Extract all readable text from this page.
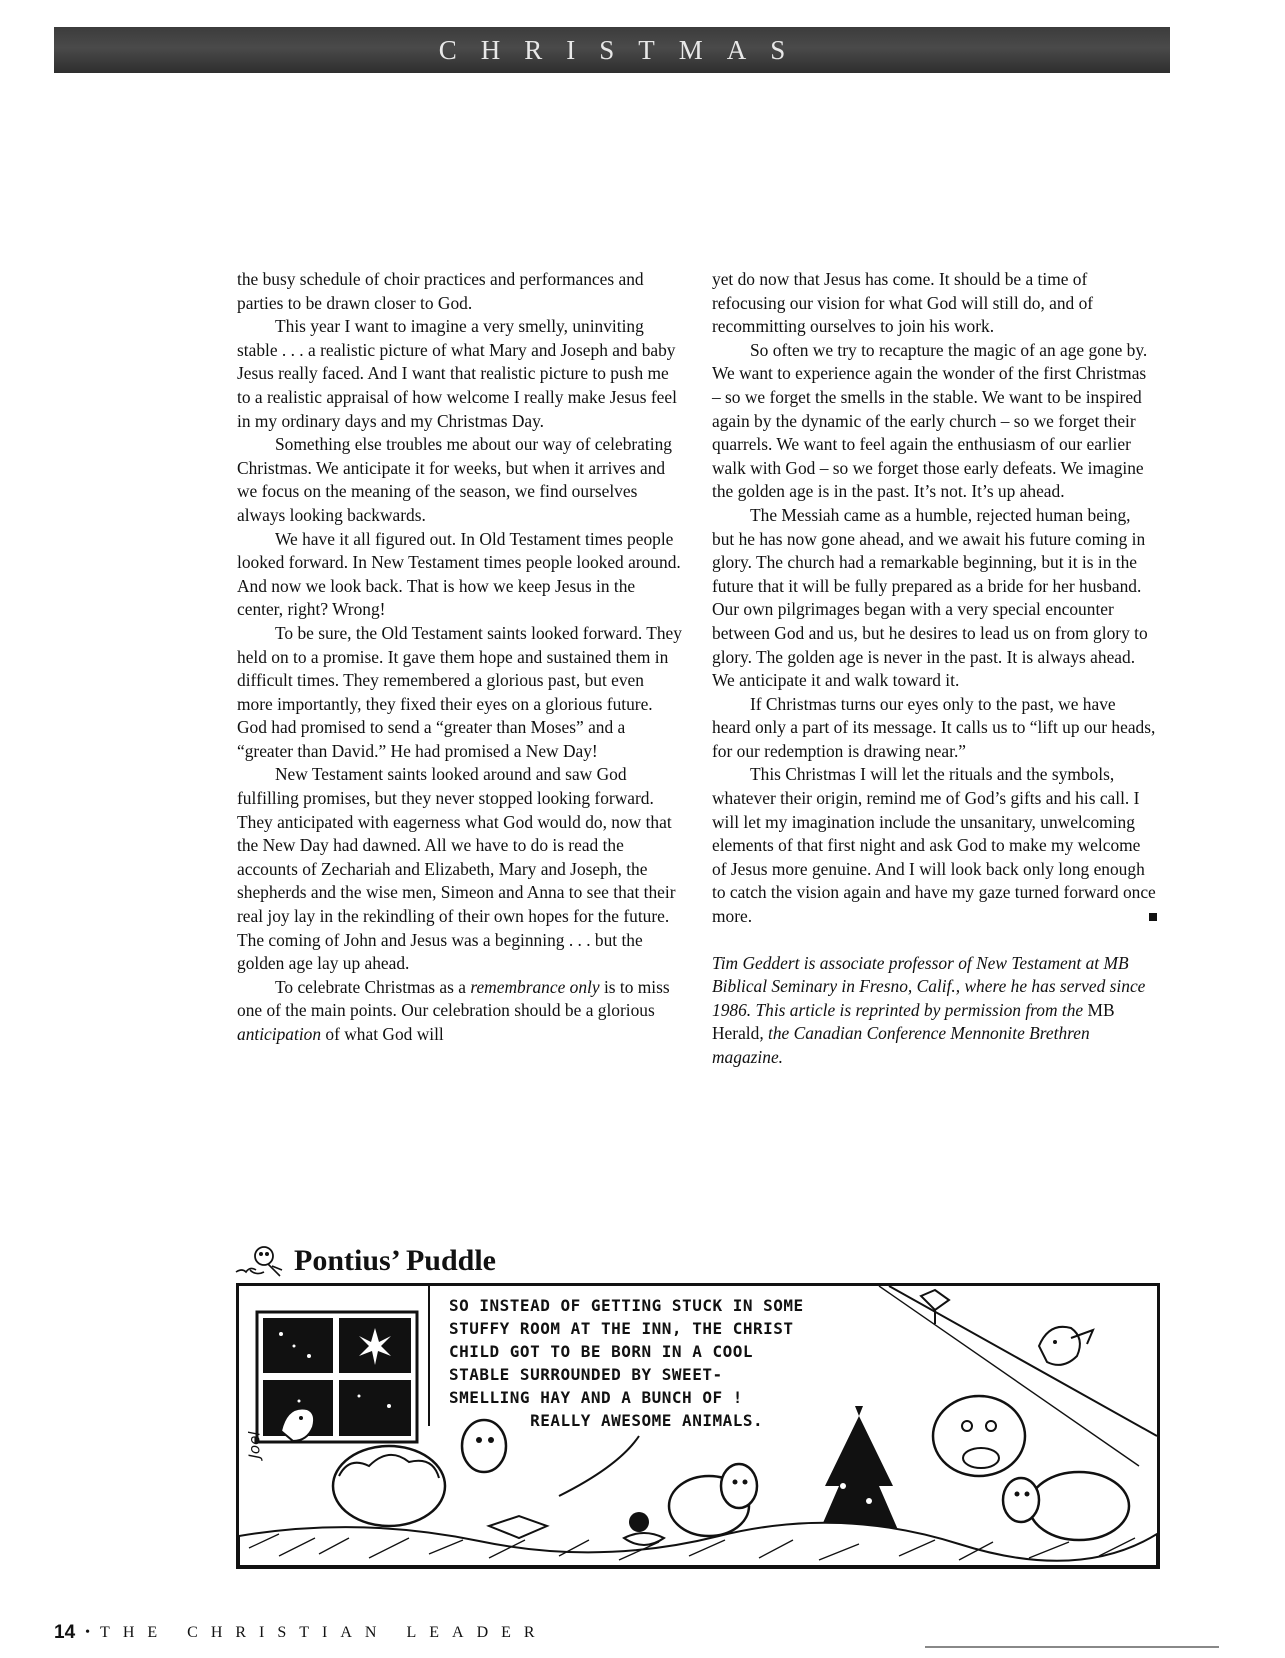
CHRISTMAS

the busy schedule of choir practices and performances and parties to be drawn closer to God.

This year I want to imagine a very smelly, uninviting stable . . . a realistic picture of what Mary and Joseph and baby Jesus really faced. And I want that realistic picture to push me to a realistic appraisal of how welcome I really make Jesus feel in my ordinary days and my Christmas Day.

Something else troubles me about our way of celebrating Christmas. We anticipate it for weeks, but when it arrives and we focus on the meaning of the season, we find ourselves always looking backwards.

We have it all figured out. In Old Testament times people looked forward. In New Testament times people looked around. And now we look back. That is how we keep Jesus in the center, right? Wrong!

To be sure, the Old Testament saints looked forward. They held on to a promise. It gave them hope and sustained them in difficult times. They remembered a glorious past, but even more importantly, they fixed their eyes on a glorious future. God had promised to send a “greater than Moses” and a “greater than David.” He had promised a New Day!

New Testament saints looked around and saw God fulfilling promises, but they never stopped looking forward. They anticipated with eagerness what God would do, now that the New Day had dawned. All we have to do is read the accounts of Zechariah and Elizabeth, Mary and Joseph, the shepherds and the wise men, Simeon and Anna to see that their real joy lay in the rekindling of their own hopes for the future. The coming of John and Jesus was a beginning . . . but the golden age lay up ahead.

To celebrate Christmas as a remembrance only is to miss one of the main points. Our celebration should be a glorious anticipation of what God will

yet do now that Jesus has come. It should be a time of refocusing our vision for what God will still do, and of recommitting ourselves to join his work.

So often we try to recapture the magic of an age gone by. We want to experience again the wonder of the first Christmas – so we forget the smells in the stable. We want to be inspired again by the dynamic of the early church – so we forget their quarrels. We want to feel again the enthusiasm of our earlier walk with God – so we forget those early defeats. We imagine the golden age is in the past. It’s not. It’s up ahead.

The Messiah came as a humble, rejected human being, but he has now gone ahead, and we await his future coming in glory. The church had a remarkable beginning, but it is in the future that it will be fully prepared as a bride for her husband. Our own pilgrimages began with a very special encounter between God and us, but he desires to lead us on from glory to glory. The golden age is never in the past. It is always ahead. We anticipate it and walk toward it.

If Christmas turns our eyes only to the past, we have heard only a part of its message. It calls us to “lift up our heads, for our redemption is drawing near.”

This Christmas I will let the rituals and the symbols, whatever their origin, remind me of God’s gifts and his call. I will let my imagination include the unsanitary, unwelcoming elements of that first night and ask God to make my welcome of Jesus more genuine. And I will look back only long enough to catch the vision again and have my gaze turned forward once more.

Tim Geddert is associate professor of New Testament at MB Biblical Seminary in Fresno, Calif., where he has served since 1986. This article is reprinted by permission from the MB Herald, the Canadian Conference Mennonite Brethren magazine.

Pontius’ Puddle
SO INSTEAD OF GETTING STUCK IN SOME
STUFFY ROOM AT THE INN, THE CHRIST
CHILD GOT TO BE BORN IN A COOL
STABLE SURROUNDED BY SWEET-
SMELLING HAY AND A BUNCH OF !
REALLY AWESOME ANIMALS.
Joel
14 • THE CHRISTIAN LEADER
